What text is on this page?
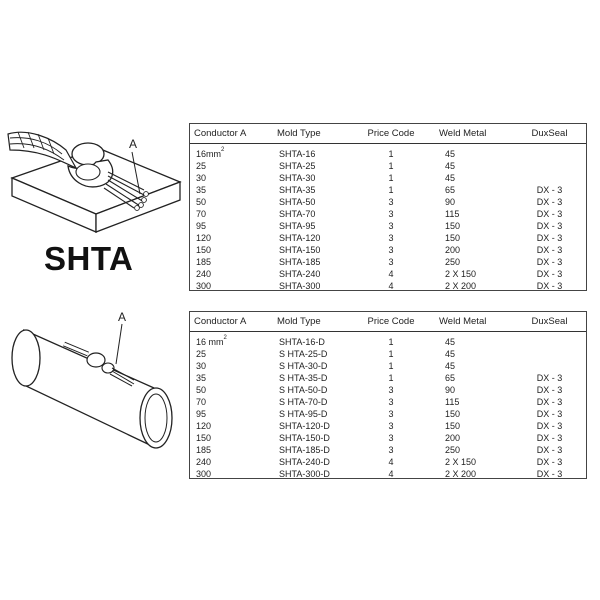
A
SHTA
A
Conductor A	Mold Type	Price Code	Weld Metal	DuxSeal
$16mm^2$	SHTA-16	1	45
25	SHTA-25	1	45
30	SHTA-30	1	45
35	SHTA-35	1	65	DX - 3
50	SHTA-50	3	90	DX - 3
70	SHTA-70	3	115	DX - 3
95	SHTA-95	3	150	DX - 3
120	SHTA-120	3	150	DX - 3
150	SHTA-150	3	200	DX - 3
185	SHTA-185	3	250	DX - 3
240	SHTA-240	4	2 X 150	DX - 3
300	SHTA-300	4	2 X 200	DX - 3
Conductor A	Mold Type	Price Code	Weld Metal	DuxSeal
16 $mm^2$	SHTA-16-D	1	45
25	S HTA-25-D	1	45
30	S HTA-30-D	1	45
35	S HTA-35-D	1	65	DX - 3
50	S HTA-50-D	3	90	DX - 3
70	S HTA-70-D	3	115	DX - 3
95	S HTA-95-D	3	150	DX - 3
120	SHTA-120-D	3	150	DX - 3
150	SHTA-150-D	3	200	DX - 3
185	SHTA-185-D	3	250	DX - 3
240	SHTA-240-D	4	2 X 150	DX - 3
300	SHTA-300-D	4	2 X 200	DX - 3
